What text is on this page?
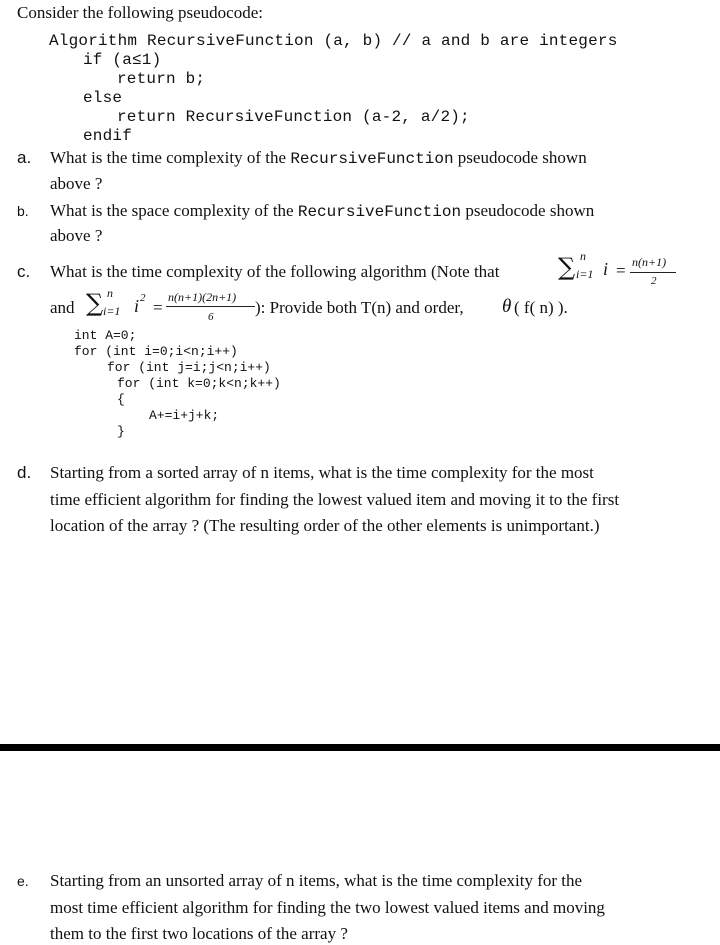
Consider the following pseudocode:
Algorithm RecursiveFunction (a, b) // a and b are integers
if (a≤1)
return b;
else
return RecursiveFunction (a-2, a/2);
endif
a. What is the time complexity of the RecursiveFunction pseudocode shown
above ?
b. What is the space complexity of the RecursiveFunction pseudocode shown
above ?
c. What is the time complexity of the following algorithm (Note that ∑ n
i=1 i = n(n+1)
2
and ∑ n
i=1 i 2 =
n(n+1)(2n+1)
6 ): Provide both T(n) and order, θ ( f( n) ).
int A=0;
for (int i=0;i<n;i++)
for (int j=i;j<n;i++)
for (int k=0;k<n;k++)
{
A+=i+j+k;
}
d. Starting from a sorted array of n items, what is the time complexity for the most
time efficient algorithm for finding the lowest valued item and moving it to the first
location of the array ? (The resulting order of the other elements is unimportant.)
e. Starting from an unsorted array of n items, what is the time complexity for the
most time efficient algorithm for finding the two lowest valued items and moving
them to the first two locations of the array ?
